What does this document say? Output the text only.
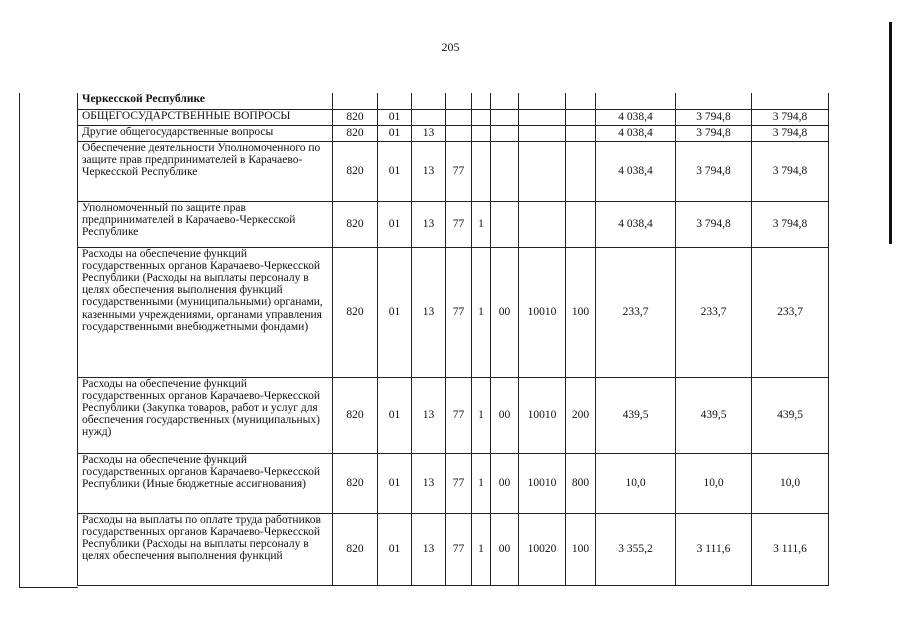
205
Черкесской Республике											
ОБЩЕГОСУДАРСТВЕННЫЕ ВОПРОСЫ	820	01							4 038,4	3 794,8	3 794,8
Другие общегосударственные вопросы	820	01	13						4 038,4	3 794,8	3 794,8
Обеспечение деятельности Уполномоченного по защите прав предпринимателей в Карачаево-Черкесской Республике	820	01	13	77					4 038,4	3 794,8	3 794,8
Уполномоченный по защите прав предпринимателей в Карачаево-Черкесской Республике	820	01	13	77	1				4 038,4	3 794,8	3 794,8
Расходы на обеспечение функций государственных органов Карачаево-Черкесской Республики (Расходы на выплаты персоналу в целях обеспечения выполнения функций государственными (муниципальными) органами, казенными учреждениями, органами управления государственными внебюджетными фондами)	820	01	13	77	1	00	10010	100	233,7	233,7	233,7
Расходы на обеспечение функций государственных органов Карачаево-Черкесской Республики (Закупка товаров, работ и услуг для обеспечения государственных (муниципальных) нужд)	820	01	13	77	1	00	10010	200	439,5	439,5	439,5
Расходы на обеспечение функций государственных органов Карачаево-Черкесской Республики (Иные бюджетные ассигнования)	820	01	13	77	1	00	10010	800	10,0	10,0	10,0
Расходы на выплаты по оплате труда работников государственных органов Карачаево-Черкесской Республики (Расходы на выплаты персоналу в целях обеспечения выполнения функций	820	01	13	77	1	00	10020	100	3 355,2	3 111,6	3 111,6
